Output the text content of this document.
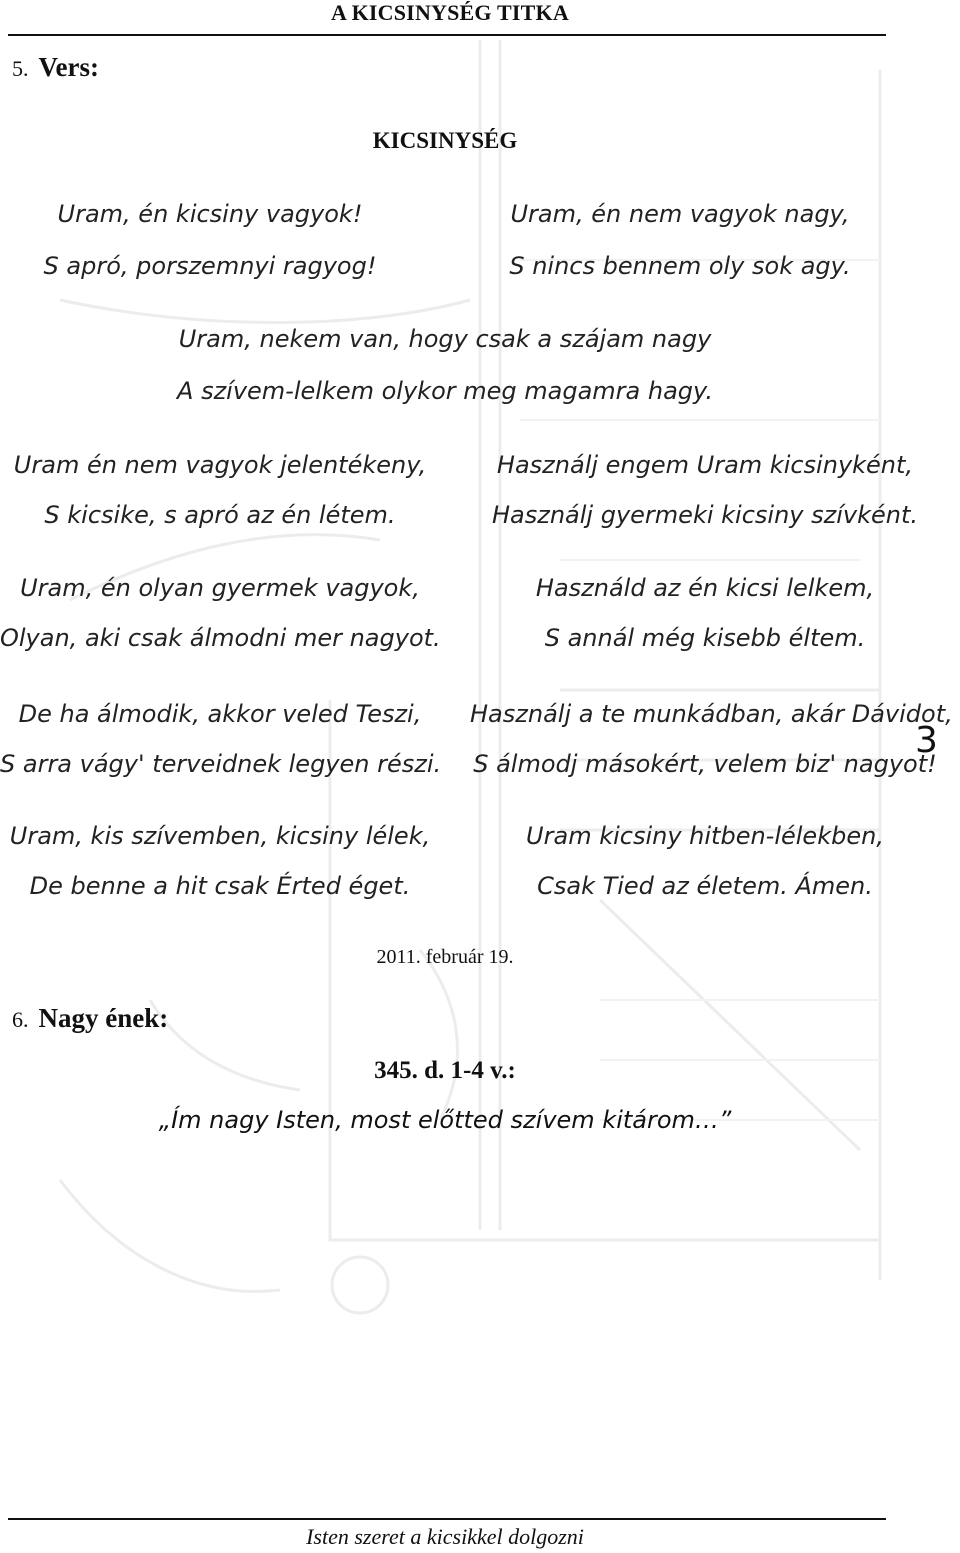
A KICSINYSÉG TITKA
5. Vers:
KICSINYSÉG
Uram, én kicsiny vagyok!
S apró, porszemnyi ragyog!
Uram, én nem vagyok nagy,
S nincs bennem oly sok agy.
Uram, nekem van, hogy csak a szájam nagy
A szívem-lelkem olykor meg magamra hagy.
Uram én nem vagyok jelentékeny,
S kicsike, s apró az én létem.
Uram, én olyan gyermek vagyok,
Olyan, aki csak álmodni mer nagyot.
De ha álmodik, akkor veled Teszi,
S arra vágy' terveidnek legyen részi.
Uram, kis szívemben, kicsiny lélek,
De benne a hit csak Érted éget.
Használj engem Uram kicsinyként,
Használj gyermeki kicsiny szívként.
Használd az én kicsi lelkem,
S annál még kisebb éltem.
Használj a te munkádban, akár Dávidot,
S álmodj másokért, velem biz' nagyot!
Uram kicsiny hitben-lélekben,
Csak Tied az életem. Ámen.
3
2011. február 19.
6. Nagy ének:
345. d. 1-4 v.:
„Ím nagy Isten, most előtted szívem kitárom…”
Isten szeret a kicsikkel dolgozni
